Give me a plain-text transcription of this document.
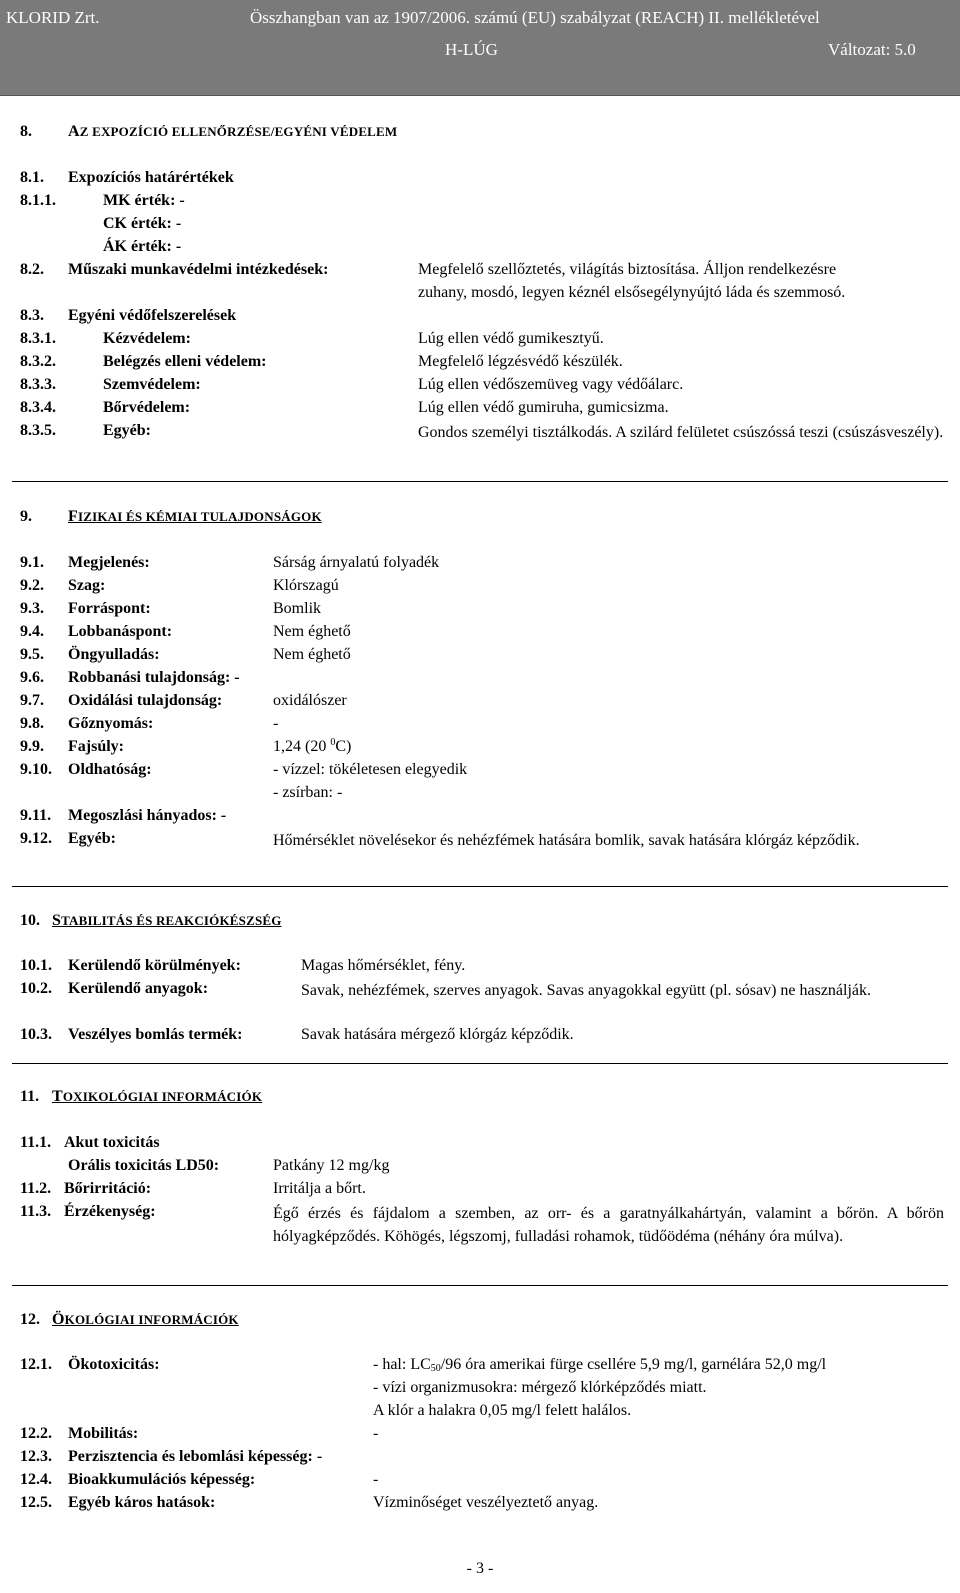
KLORID Zrt.	Összhangban van az 1907/2006. számú (EU) szabályzat (REACH) II. mellékletével
H-LÚG	Változat: 5.0
8. AZ EXPOZÍCIÓ ELLENŐRZÉSE/EGYÉNI VÉDELEM
8.1. Expozíciós határértékek
8.1.1.	MK érték: -
CK érték: -
ÁK érték: -
8.2. Műszaki munkavédelmi intézkedések:	Megfelelő szellőztetés, világítás biztosítása. Álljon rendelkezésre
zuhany, mosdó, legyen kéznél elsősegélynyújtó láda és szemmosó.
8.3. Egyéni védőfelszerelések
8.3.1.	Kézvédelem:	Lúg ellen védő gumikesztyű.
8.3.2.	Belégzés elleni védelem:	Megfelelő légzésvédő készülék.
8.3.3.	Szemvédelem:	Lúg ellen védőszemüveg vagy védőálarc.
8.3.4.	Bőrvédelem:	Lúg ellen védő gumiruha, gumicsizma.
8.3.5.	Egyéb:	Gondos személyi tisztálkodás. A szilárd felületet csúszóssá teszi (csúszásveszély).
9. FIZIKAI ÉS KÉMIAI TULAJDONSÁGOK
9.1. Megjelenés:	Sárság árnyalatú folyadék
9.2. Szag:	Klórszagú
9.3. Forráspont:	Bomlik
9.4. Lobbanáspont:	Nem éghető
9.5. Öngyulladás:	Nem éghető
9.6. Robbanási tulajdonság: -
9.7. Oxidálási tulajdonság:	oxidálószer
9.8. Gőznyomás:	-
9.9. Fajsúly:	1,24 (20 $^0$C)
9.10. Oldhatóság:	- vízzel: tökéletesen elegyedik
- zsírban: -
9.11. Megoszlási hányados: -
9.12. Egyéb:	Hőmérséklet növelésekor és nehézfémek hatására bomlik, savak hatására klórgáz képződik.
10. STABILITÁS ÉS REAKCIÓKÉSZSÉG
10.1. Kerülendő körülmények:	Magas hőmérséklet, fény.
10.2. Kerülendő anyagok:	Savak, nehézfémek, szerves anyagok. Savas anyagokkal együtt (pl. sósav) ne használják.
10.3. Veszélyes bomlás termék:	Savak hatására mérgező klórgáz képződik.
11. TOXIKOLÓGIAI INFORMÁCIÓK
11.1. Akut toxicitás
Orális toxicitás LD50:	Patkány 12 mg/kg
11.2. Bőrirritáció:	Irritálja a bőrt.
11.3. Érzékenység:	Égő érzés és fájdalom a szemben, az orr- és a garatnyálkahártyán, valamint a bőrön. A bőrön hólyagképződés. Köhögés, légszomj, fulladási rohamok, tüdőödéma (néhány óra múlva).
12. ÖKOLÓGIAI INFORMÁCIÓK
12.1. Ökotoxicitás:	- hal: $LC_{50}/96$ óra amerikai fürge csellére 5,9 mg/l, garnélára 52,0 mg/l
- vízi organizmusokra: mérgező klórképződés miatt.
A klór a halakra 0,05 mg/l felett halálos.
12.2. Mobilitás:	-
12.3. Perzisztencia és lebomlási képesség: -
12.4. Bioakkumulációs képesség:	-
12.5. Egyéb káros hatások:	Vízminőséget veszélyeztető anyag.
- 3 -
